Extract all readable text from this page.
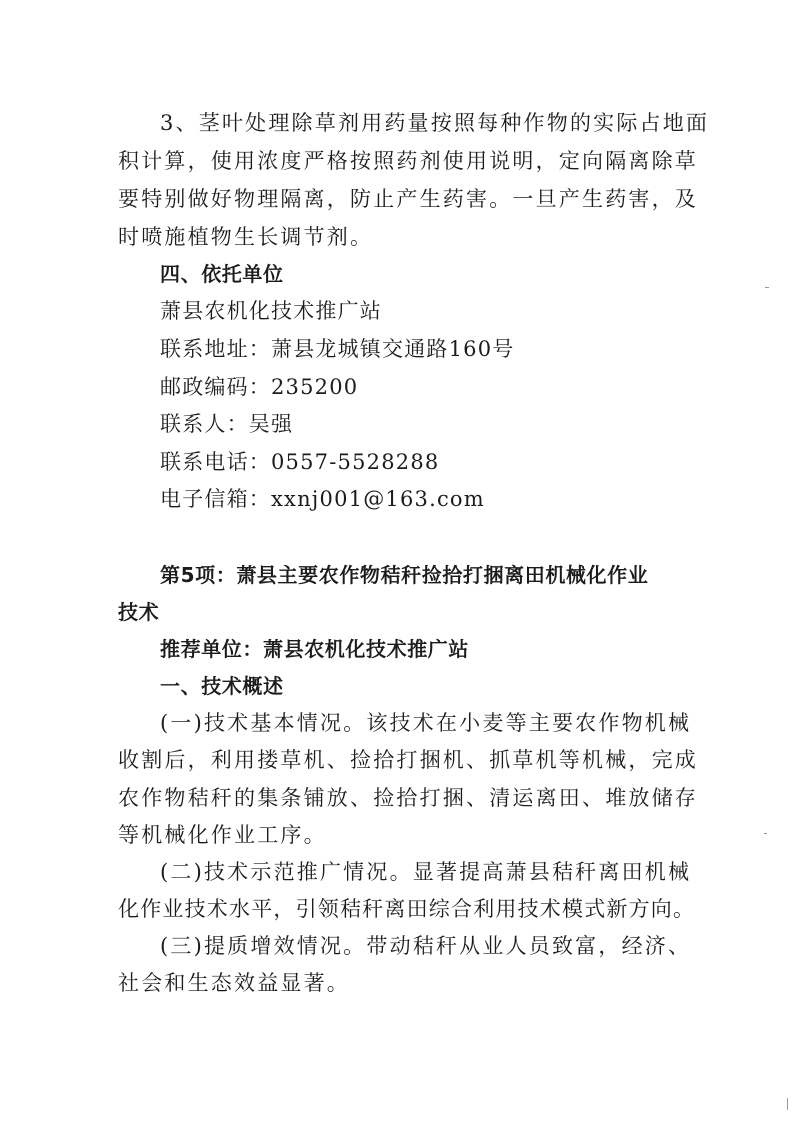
3、茎叶处理除草剂用药量按照每种作物的实际占地面
积计算，使用浓度严格按照药剂使用说明，定向隔离除草
要特别做好物理隔离，防止产生药害。一旦产生药害，及
时喷施植物生长调节剂。
四、依托单位
萧县农机化技术推广站
联系地址：萧县龙城镇交通路160号
邮政编码：235200
联系人：吴强
联系电话：0557-5528288
电子信箱：xxnj001@163.com
第5项：萧县主要农作物秸秆捡拾打捆离田机械化作业
技术
推荐单位：萧县农机化技术推广站
一、技术概述
(一)技术基本情况。该技术在小麦等主要农作物机械
收割后，利用搂草机、捡拾打捆机、抓草机等机械，完成
农作物秸秆的集条铺放、捡拾打捆、清运离田、堆放储存
等机械化作业工序。
(二)技术示范推广情况。显著提高萧县秸秆离田机械
化作业技术水平，引领秸秆离田综合利用技术模式新方向。
(三)提质增效情况。带动秸秆从业人员致富，经济、
社会和生态效益显著。
